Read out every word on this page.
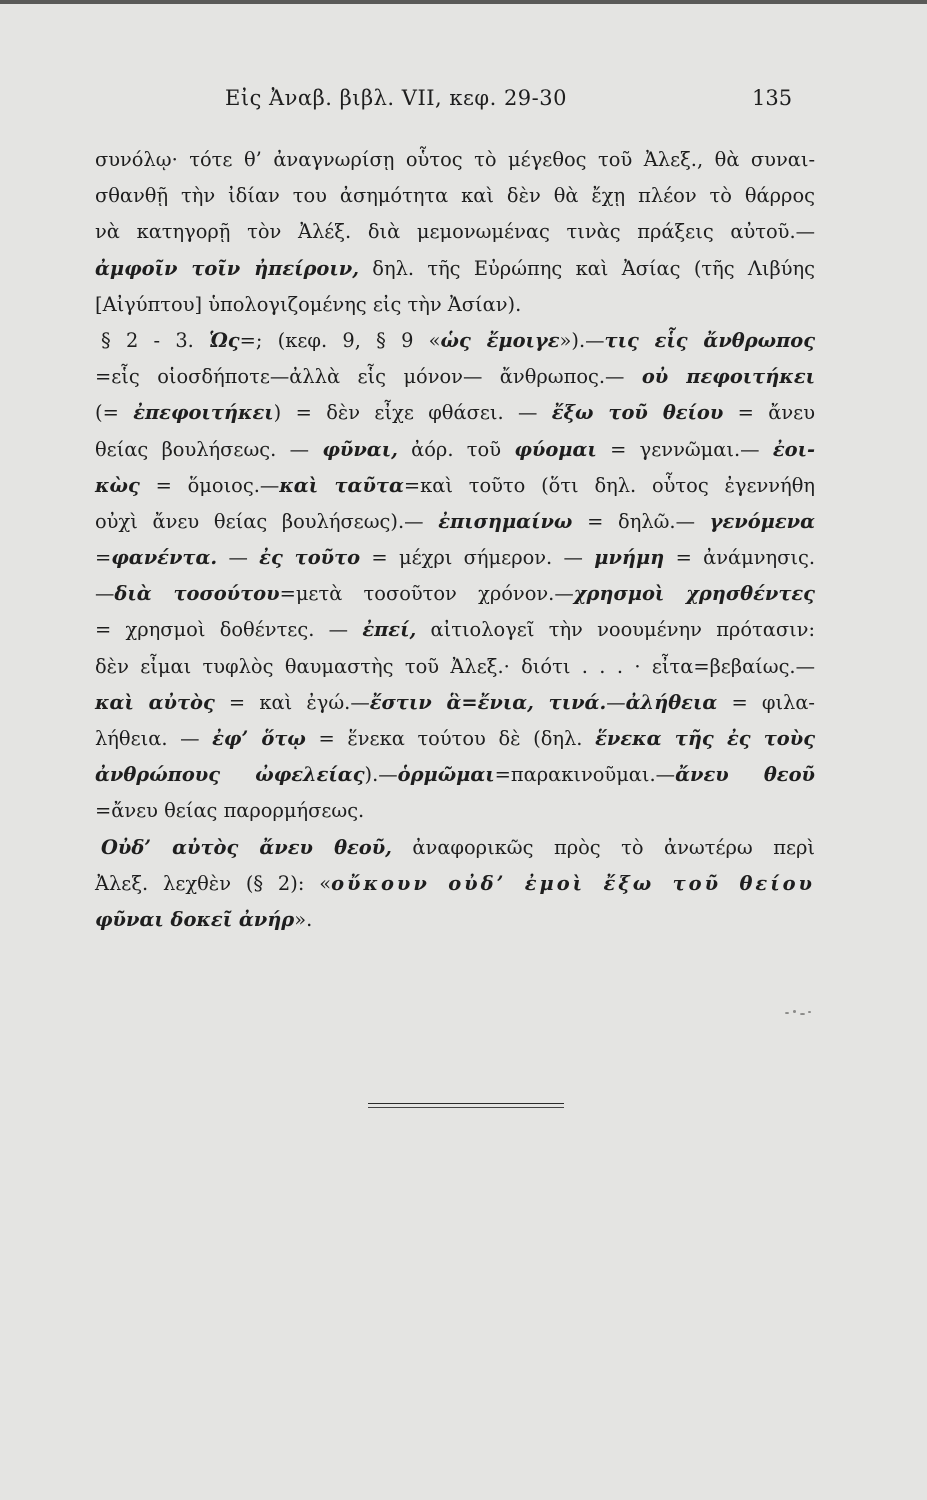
Εἰς Ἀναβ. βιβλ. VII, κεφ. 29-30	135
συνόλῳ· τότε θ’ ἀναγνωρίσῃ οὗτος τὸ μέγεθος τοῦ Ἀλεξ., θὰ συναι-
σθανθῇ τὴν ἰδίαν του ἀσημότητα καὶ δὲν θὰ ἔχῃ πλέον τὸ θάρρος
νὰ κατηγορῇ τὸν Ἀλέξ. διὰ μεμονωμένας τινὰς πράξεις αὐτοῦ.—
ἀμφοῖν τοῖν ἠπείροιν, δηλ. τῆς Εὐρώπης καὶ Ἀσίας (τῆς Λιβύης
[Αἰγύπτου] ὑπολογιζομένης εἰς τὴν Ἀσίαν).
§ 2 - 3. Ὡς=; (κεφ. 9, § 9 «ὡς ἔμοιγε»).—τις εἷς ἄνθρωπος
=εἷς οἱοσδήποτε—ἀλλὰ εἷς μόνον— ἄνθρωπος.— οὐ πεφοιτήκει
(= ἐπεφοιτήκει) = δὲν εἶχε φθάσει. — ἔξω τοῦ θείου = ἄνευ
θείας βουλήσεως. — φῦναι, ἀόρ. τοῦ φύομαι = γεννῶμαι.— ἐοι-
κὼς = ὅμοιος.—καὶ ταῦτα=καὶ τοῦτο (ὅτι δηλ. οὗτος ἐγεννήθη
οὐχὶ ἄνευ θείας βουλήσεως).— ἐπισημαίνω = δηλῶ.— γενόμενα
=φανέντα. — ἐς τοῦτο = μέχρι σήμερον. — μνήμη = ἀνάμνησις.
—διὰ τοσούτου=μετὰ τοσοῦτον χρόνον.—χρησμοὶ χρησθέντες
= χρησμοὶ δοθέντες. — ἐπεί, αἰτιολογεῖ τὴν νοουμένην πρότασιν:
δὲν εἶμαι τυφλὸς θαυμαστὴς τοῦ Ἀλεξ.· διότι . . . · εἶτα=βεβαίως.—
καὶ αὐτὸς = καὶ ἐγώ.—ἔστιν ἃ=ἔνια, τινά.—ἀλήθεια = φιλα-
λήθεια. — ἐφ’ ὅτῳ = ἕνεκα τούτου δὲ (δηλ. ἕνεκα τῆς ἐς τοὺς
ἀνθρώπους ὠφελείας).—ὁρμῶμαι=παρακινοῦμαι.—ἄνευ θεοῦ
=ἄνευ θείας παρορμήσεως.
Οὐδ’ αὐτὸς ἄνευ θεοῦ, ἀναφορικῶς πρὸς τὸ ἀνωτέρω περὶ
Ἀλεξ. λεχθὲν (§ 2): «οὔκουν οὐδ’ ἐμοὶ ἔξω τοῦ θείου
φῦναι δοκεῖ ἀνήρ».
